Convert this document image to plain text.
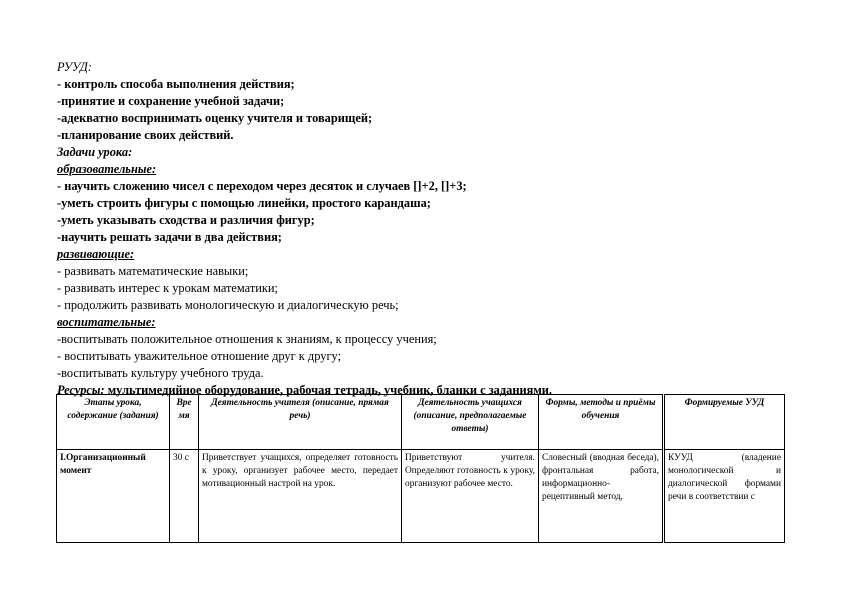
РУУД:
- контроль способа выполнения действия;
-принятие и сохранение учебной задачи;
-адекватно воспринимать оценку учителя и товарищей;
-планирование своих действий.
Задачи урока:
образовательные:
- научить сложению чисел с переходом через десяток и случаев []+2, []+3;
-уметь строить фигуры с помощью линейки, простого карандаша;
-уметь указывать сходства и различия фигур;
-научить решать задачи в два действия;
развивающие:
- развивать математические навыки;
- развивать интерес к урокам математики;
- продолжить развивать монологическую и диалогическую речь;
воспитательные:
-воспитывать положительное отношения к знаниям, к процессу учения;
- воспитывать уважительное отношение друг к другу;
-воспитывать культуру учебного труда.
Ресурсы: мультимедийное оборудование, рабочая тетрадь, учебник, бланки с заданиями.
Этапы урока, содержание (задания)	Вре мя	Деятельность учителя (описание, прямая речь)	Деятельность учащихся (описание, предполагаемые ответы)	Формы, методы и приёмы обучения	Формируемые УУД
I.Организационный момент	30 с	Приветствует учащихся, определяет готовность к уроку, организует рабочее место, передает мотивационный настрой на урок.	Приветствуют учителя. Определяют готовность к уроку, организуют рабочее место.	Словесный (вводная беседа), фронтальная работа, информационно-рецептивный метод,	КУУД (владение монологической и диалогической формами речи в соответствии с
